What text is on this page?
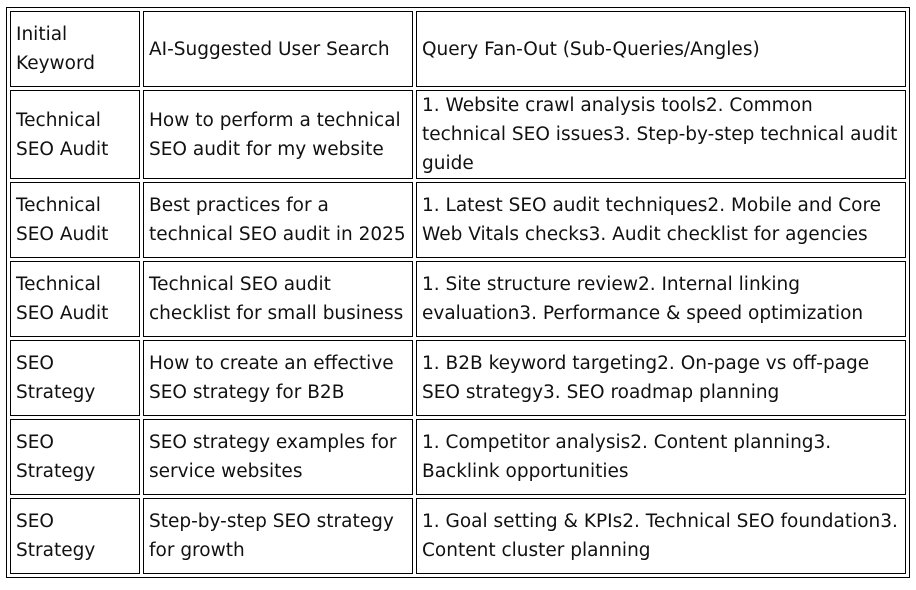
Initial Keyword	AI-Suggested User Search	Query Fan-Out (Sub-Queries/Angles)
Technical SEO Audit	How to perform a technical SEO audit for my website	1. Website crawl analysis tools2. Common technical SEO issues3. Step-by-step technical audit guide
Technical SEO Audit	Best practices for a technical SEO audit in 2025	1. Latest SEO audit techniques2. Mobile and Core Web Vitals checks3. Audit checklist for agencies
Technical SEO Audit	Technical SEO audit checklist for small business	1. Site structure review2. Internal linking evaluation3. Performance & speed optimization
SEO Strategy	How to create an effective SEO strategy for B2B	1. B2B keyword targeting2. On-page vs off-page SEO strategy3. SEO roadmap planning
SEO Strategy	SEO strategy examples for service websites	1. Competitor analysis2. Content planning3. Backlink opportunities
SEO Strategy	Step-by-step SEO strategy for growth	1. Goal setting & KPIs2. Technical SEO foundation3. Content cluster planning
